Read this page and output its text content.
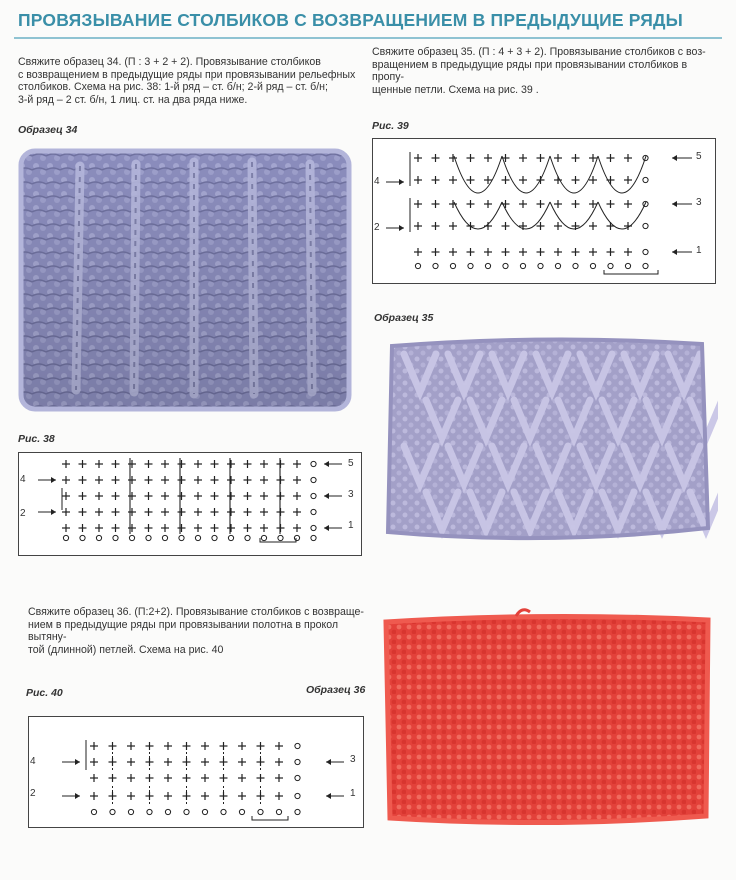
ПРОВЯЗЫВАНИЕ СТОЛБИКОВ С ВОЗВРАЩЕНИЕМ В ПРЕДЫДУЩИЕ РЯДЫ
Свяжите образец 34. (П : 3 + 2 + 2). Провязывание столбиков
с возвращением в предыдущие ряды при провязывании рельефных
столбиков. Схема на рис. 38: 1-й ряд – ст. б/н; 2-й ряд – ст. б/н;
3-й ряд – 2 ст. б/н, 1 лиц. ст. на два ряда ниже.
Свяжите образец 35. (П : 4 + 3 + 2). Провязывание столбиков с воз-
вращением в предыдущие ряды при провязывании столбиков в пропу-
щенные петли. Схема на рис. 39 .
Образец 34	Рис. 39
Образец 35
Рис. 38
Рис. 40	Образец 36
Свяжите образец 36. (П:2+2). Провязывание столбиков с возвраще-
нием в предыдущие ряды при провязывании полотна в прокол вытяну-
той (длинной) петлей. Схема на рис. 40
4
2
5
3
1
4
2
5
3
1
4
2
3
1
